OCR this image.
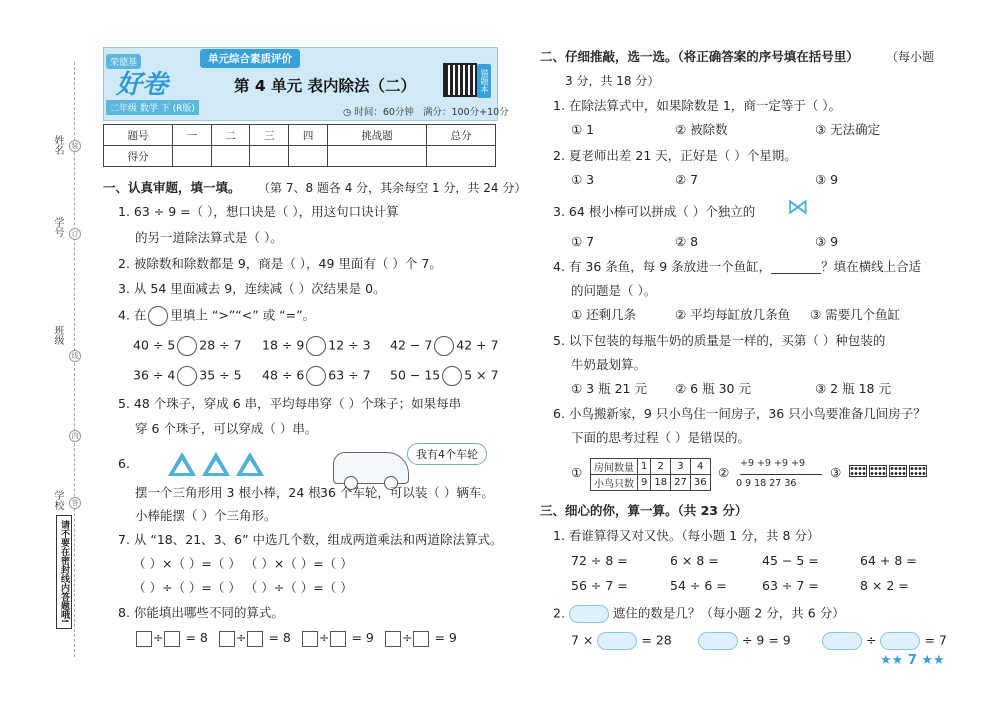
姓名
学号
班级
学校
装
订
线
内
答
请不要在密封线内答题哦!
荣德基
好卷
二年级 数学 下 (R版)
单元综合素质评价
第 4 单元 表内除法（二）
◷ 时间：60分钟 满分：100分+10分
错题本
题号	一	二	三	四	挑战题	总分
得分						
一、认真审题，填一填。 （第 7、8 题各 4 分，其余每空 1 分，共 24 分）
1. 63 ÷ 9 =（ ），想口诀是（ ），用这句口诀计算
的另一道除法算式是（ ）。
2. 被除数和除数都是 9，商是（ ），49 里面有（ ）个 7。
3. 从 54 里面减去 9，连续减（ ）次结果是 0。
4. 在 里填上 “>”“<” 或 “=”。
40 ÷ 5 28 ÷ 7 18 ÷ 9 12 ÷ 3 42 − 7 42 + 7
36 ÷ 4 35 ÷ 5 48 ÷ 6 63 ÷ 7 50 − 15 5 × 7
5. 48 个珠子，穿成 6 串，平均每串穿（ ）个珠子；如果每串
穿 6 个珠子，可以穿成（ ）串。
6.
我有4个车轮
摆一个三角形用 3 根小棒，24 根
小棒能摆（ ）个三角形。
36 个车轮，可以装（ ）辆车。
7. 从 “18、21、3、6” 中选几个数，组成两道乘法和两道除法算式。
（ ）×（ ）=（ ） （ ）×（ ）=（ ）
（ ）÷（ ）=（ ） （ ）÷（ ）=（ ）
8. 你能填出哪些不同的算式。
÷ = 8	÷ = 8	÷ = 9	÷ = 9
二、仔细推敲，选一选。（将正确答案的序号填在括号里） （每小题
3 分，共 18 分）
1. 在除法算式中，如果除数是 1，商一定等于（ ）。
① 1	② 被除数	③ 无法确定
2. 夏老师出差 21 天，正好是（ ）个星期。
① 3	② 7	③ 9
3. 64 根小棒可以拼成（ ）个独立的 ⋈
① 7	② 8	③ 9
4. 有 36 条鱼，每 9 条放进一个鱼缸，________？填在横线上合适
的问题是（ ）。
① 还剩几条	② 平均每缸放几条鱼 ③ 需要几个鱼缸
5. 以下包装的每瓶牛奶的质量是一样的，买第（ ）种包装的
牛奶最划算。
① 3 瓶 21 元 ② 6 瓶 30 元	③ 2 瓶 18 元
6. 小鸟搬新家，9 只小鸟住一间房子，36 只小鸟要准备几间房子？
下面的思考过程（ ）是错误的。
① 房间数量	1	2	3	4
小鸟只数	9	18	27	36
②
+9 +9 +9 +9
0 9 18 27 36
③
三、细心的你，算一算。（共 23 分）
1. 看谁算得又对又快。（每小题 1 分，共 8 分）
72 ÷ 8 =	6 × 8 =	45 − 5 =	64 + 8 =
56 ÷ 7 =	54 ÷ 6 =	63 ÷ 7 =	8 × 2 =
2.	遮住的数是几？（每小题 2 分，共 6 分）
7 ×	= 28	÷ 9 = 9	÷	= 7
★★ 7 ★★
